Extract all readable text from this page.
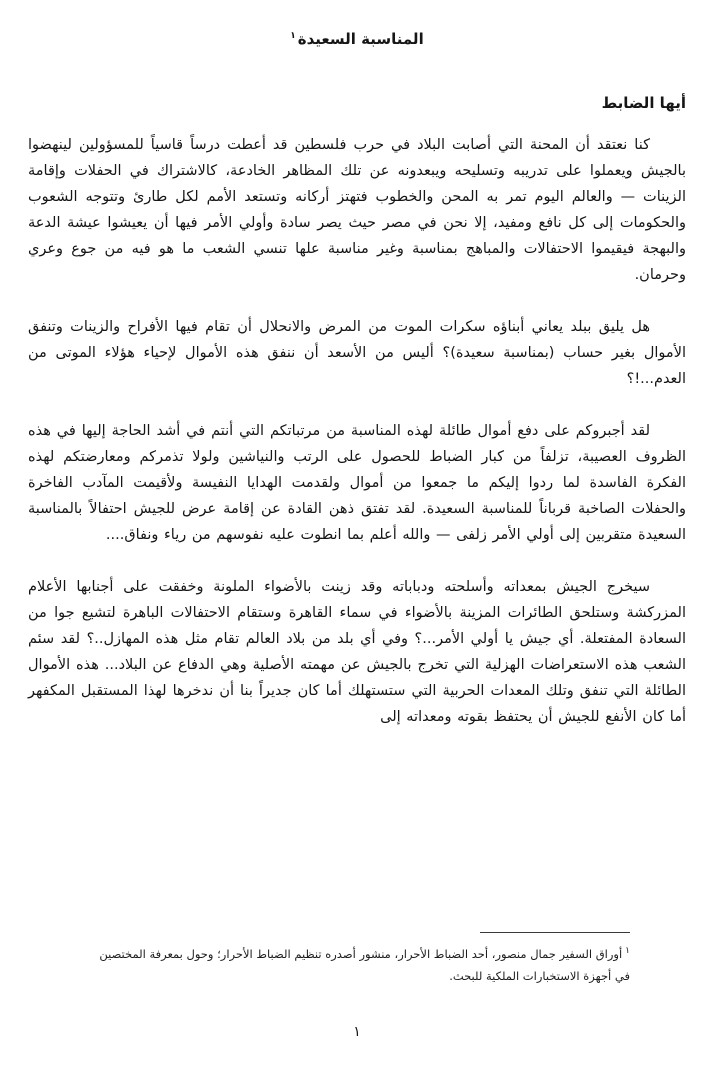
المناسبة السعيدة$^١$
أيها الضابط

كنا نعتقد أن المحنة التي أصابت البلاد في حرب فلسطين قد أعطت درساً قاسياً للمسؤولين لينهضوا بالجيش ويعملوا على تدريبه وتسليحه ويبعدونه عن تلك المظاهر الخادعة، كالاشتراك في الحفلات وإقامة الزينات — والعالم اليوم تمر به المحن والخطوب فتهتز أركانه وتستعد الأمم لكل طارئ وتتوجه الشعوب والحكومات إلى كل نافع ومفيد، إلا نحن في مصر حيث يصر سادة وأولي الأمر فيها أن يعيشوا عيشة الدعة والبهجة فيقيموا الاحتفالات والمباهج بمناسبة وغير مناسبة علها تنسي الشعب ما هو فيه من جوع وعري وحرمان.

هل يليق ببلد يعاني أبناؤه سكرات الموت من المرض والانحلال أن تقام فيها الأفراح والزينات وتنفق الأموال بغير حساب (بمناسبة سعيدة)؟ أليس من الأسعد أن ننفق هذه الأموال لإحياء هؤلاء الموتى من العدم...!؟

لقد أجبروكم على دفع أموال طائلة لهذه المناسبة من مرتباتكم التي أنتم في أشد الحاجة إليها في هذه الظروف العصيبة، تزلفاً من كبار الضباط للحصول على الرتب والنياشين ولولا تذمركم ومعارضتكم لهذه الفكرة الفاسدة لما ردوا إليكم ما جمعوا من أموال ولقدمت الهدايا النفيسة ولأقيمت المآدب الفاخرة والحفلات الصاخبة قرباناً للمناسبة السعيدة. لقد تفتق ذهن القادة عن إقامة عرض للجيش احتفالاً بالمناسبة السعيدة متقربين إلى أولي الأمر زلفى — والله أعلم بما انطوت عليه نفوسهم من رياء ونفاق....

سيخرج الجيش بمعداته وأسلحته ودباباته وقد زينت بالأضواء الملونة وخفقت على أجنابها الأعلام المزركشة وستلحق الطائرات المزينة بالأضواء في سماء القاهرة وستقام الاحتفالات الباهرة لتشيع جوا من السعادة المفتعلة. أي جيش يا أولي الأمر...؟ وفي أي بلد من بلاد العالم تقام مثل هذه المهازل..؟ لقد سئم الشعب هذه الاستعراضات الهزلية التي تخرج بالجيش عن مهمته الأصلية وهي الدفاع عن البلاد... هذه الأموال الطائلة التي تنفق وتلك المعدات الحربية التي ستستهلك أما كان جديراً بنا أن ندخرها لهذا المستقبل المكفهر أما كان الأنفع للجيش أن يحتفظ بقوته ومعداته إلى

$^١$أوراق السفير جمال منصور، أحد الضباط الأحرار، منشور أصدره تنظيم الضباط الأحرار؛ وحول بمعرفة المختصين في أجهزة الاستخبارات الملكية للبحث.
١
